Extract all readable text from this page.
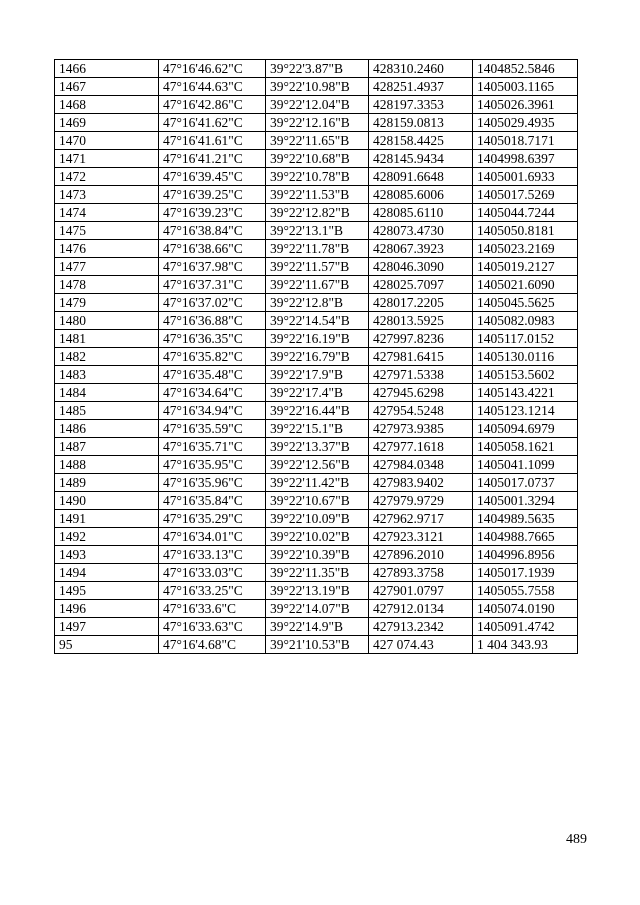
1466	47°16'46.62"С	39°22'3.87"В	428310.2460	1404852.5846
1467	47°16'44.63"С	39°22'10.98"В	428251.4937	1405003.1165
1468	47°16'42.86"С	39°22'12.04"В	428197.3353	1405026.3961
1469	47°16'41.62"С	39°22'12.16"В	428159.0813	1405029.4935
1470	47°16'41.61"С	39°22'11.65"В	428158.4425	1405018.7171
1471	47°16'41.21"С	39°22'10.68"В	428145.9434	1404998.6397
1472	47°16'39.45"С	39°22'10.78"В	428091.6648	1405001.6933
1473	47°16'39.25"С	39°22'11.53"В	428085.6006	1405017.5269
1474	47°16'39.23"С	39°22'12.82"В	428085.6110	1405044.7244
1475	47°16'38.84"С	39°22'13.1"В	428073.4730	1405050.8181
1476	47°16'38.66"С	39°22'11.78"В	428067.3923	1405023.2169
1477	47°16'37.98"С	39°22'11.57"В	428046.3090	1405019.2127
1478	47°16'37.31"С	39°22'11.67"В	428025.7097	1405021.6090
1479	47°16'37.02"С	39°22'12.8"В	428017.2205	1405045.5625
1480	47°16'36.88"С	39°22'14.54"В	428013.5925	1405082.0983
1481	47°16'36.35"С	39°22'16.19"В	427997.8236	1405117.0152
1482	47°16'35.82"С	39°22'16.79"В	427981.6415	1405130.0116
1483	47°16'35.48"С	39°22'17.9"В	427971.5338	1405153.5602
1484	47°16'34.64"С	39°22'17.4"В	427945.6298	1405143.4221
1485	47°16'34.94"С	39°22'16.44"В	427954.5248	1405123.1214
1486	47°16'35.59"С	39°22'15.1"В	427973.9385	1405094.6979
1487	47°16'35.71"С	39°22'13.37"В	427977.1618	1405058.1621
1488	47°16'35.95"С	39°22'12.56"В	427984.0348	1405041.1099
1489	47°16'35.96"С	39°22'11.42"В	427983.9402	1405017.0737
1490	47°16'35.84"С	39°22'10.67"В	427979.9729	1405001.3294
1491	47°16'35.29"С	39°22'10.09"В	427962.9717	1404989.5635
1492	47°16'34.01"С	39°22'10.02"В	427923.3121	1404988.7665
1493	47°16'33.13"С	39°22'10.39"В	427896.2010	1404996.8956
1494	47°16'33.03"С	39°22'11.35"В	427893.3758	1405017.1939
1495	47°16'33.25"С	39°22'13.19"В	427901.0797	1405055.7558
1496	47°16'33.6"С	39°22'14.07"В	427912.0134	1405074.0190
1497	47°16'33.63"С	39°22'14.9"В	427913.2342	1405091.4742
95	47°16'4.68"С	39°21'10.53"В	427 074.43	1 404 343.93
489
